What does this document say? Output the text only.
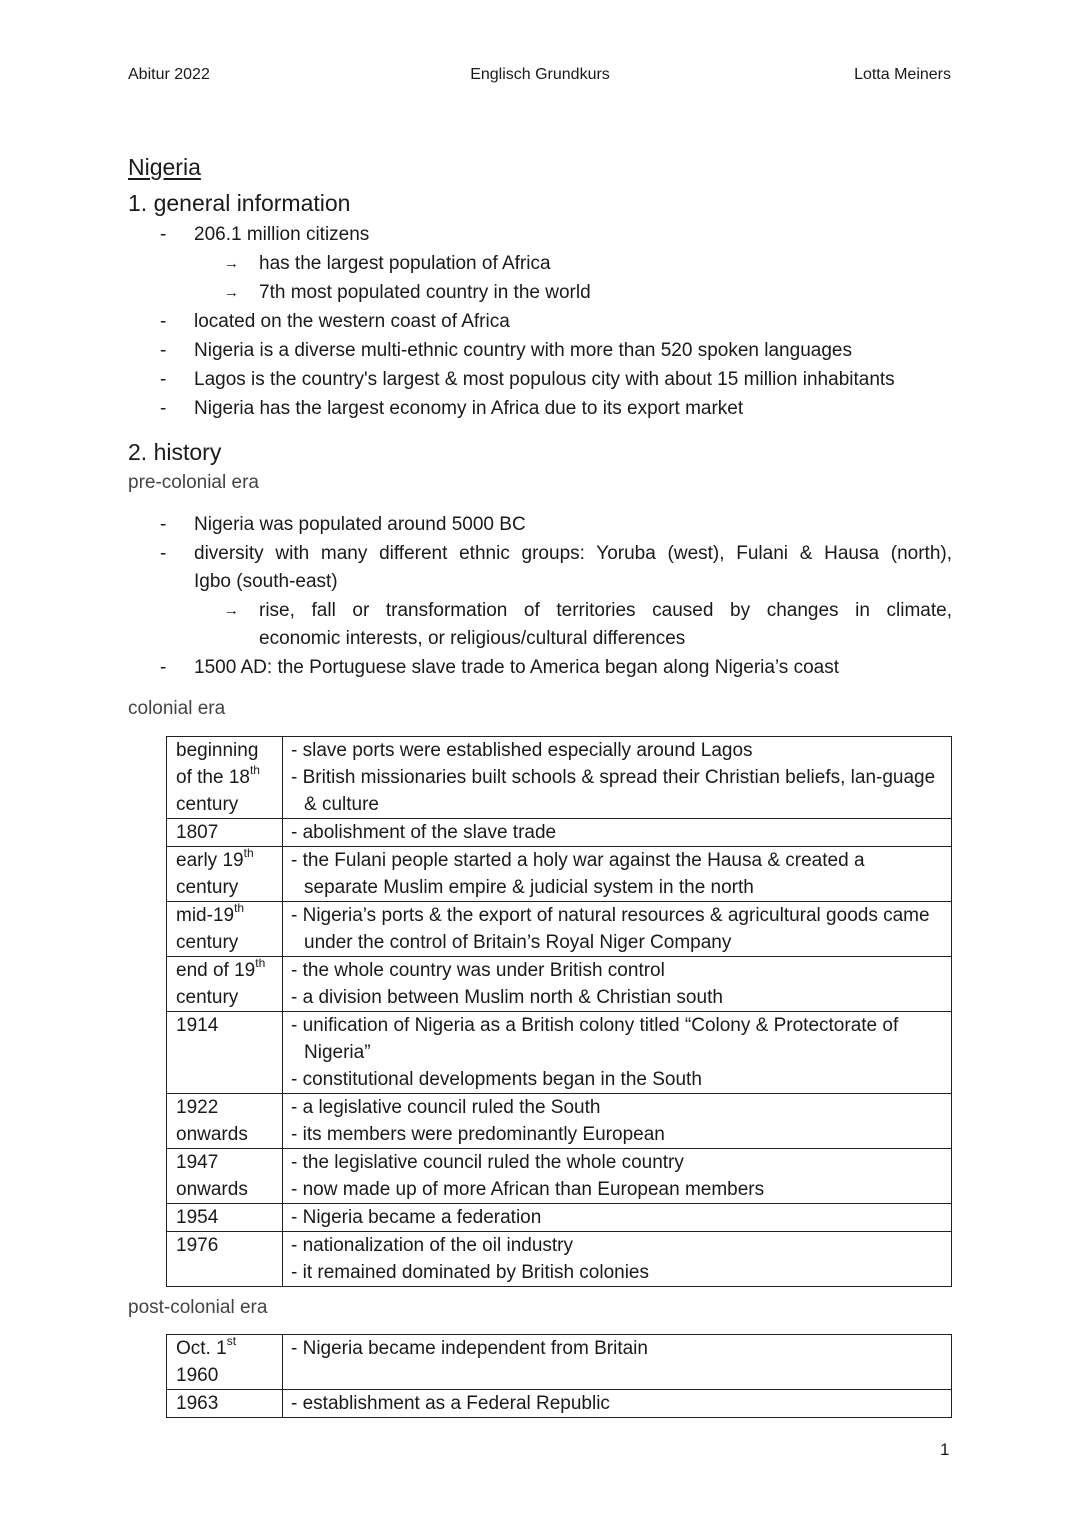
Abitur 2022	Englisch Grundkurs	Lotta Meiners
Nigeria
1. general information
- 206.1 million citizens
→ has the largest population of Africa
→ 7th most populated country in the world
- located on the western coast of Africa
- Nigeria is a diverse multi-ethnic country with more than 520 spoken languages
- Lagos is the country's largest & most populous city with about 15 million inhabitants
- Nigeria has the largest economy in Africa due to its export market
2. history
pre-colonial era
- Nigeria was populated around 5000 BC
- diversity with many different ethnic groups: Yoruba (west), Fulani & Hausa (north),
Igbo (south-east)
→ rise, fall or transformation of territories caused by changes in climate,
economic interests, or religious/cultural differences
- 1500 AD: the Portuguese slave trade to America began along Nigeria’s coast
colonial era
beginning of the 18th century	- slave ports were established especially around Lagos
- British missionaries built schools & spread their Christian beliefs, lan-guage & culture

1807	- abolishment of the slave trade

early 19th century	- the Fulani people started a holy war against the Hausa & created a separate Muslim empire & judicial system in the north

mid-19th century	- Nigeria’s ports & the export of natural resources & agricultural goods came under the control of Britain’s Royal Niger Company

end of 19th century	- the whole country was under British control
- a division between Muslim north & Christian south

1914	- unification of Nigeria as a British colony titled “Colony & Protectorate of Nigeria”
- constitutional developments began in the South

1922 onwards	- a legislative council ruled the South
- its members were predominantly European

1947 onwards	- the legislative council ruled the whole country
- now made up of more African than European members

1954	- Nigeria became a federation

1976	- nationalization of the oil industry
- it remained dominated by British colonies
post-colonial era
Oct. 1st 1960	- Nigeria became independent from Britain

1963	- establishment as a Federal Republic
1
